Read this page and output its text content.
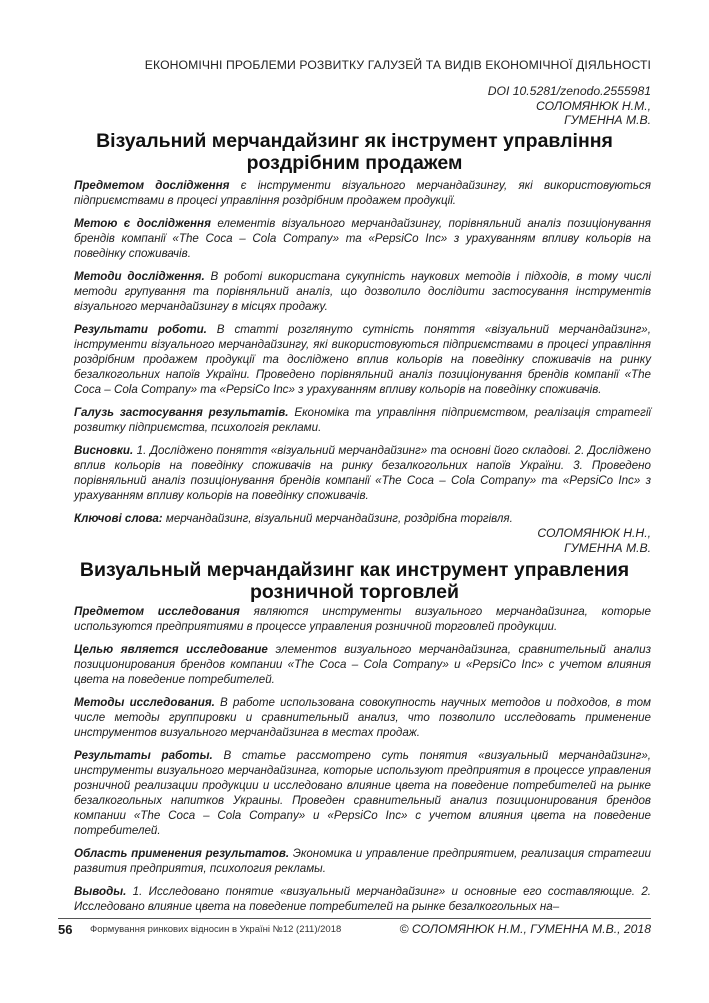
ЕКОНОМІЧНІ ПРОБЛЕМИ РОЗВИТКУ ГАЛУЗЕЙ ТА ВИДІВ ЕКОНОМІЧНОЇ ДІЯЛЬНОСТІ
DOI 10.5281/zenodo.2555981
СОЛОМЯНЮК Н.М.,
ГУМЕННА М.В.
Візуальний мерчандайзинг як інструмент управління
роздрібним продажем

Предметом дослідження є інструменти візуального мерчандайзингу, які використовуються підприємствами в процесі управління роздрібним продажем продукції.

Метою є дослідження елементів візуального мерчандайзингу, порівняльний аналіз позиціонування брендів компанії «The Coca – Cola Company» та «PepsiCo Inc» з урахуванням впливу кольорів на поведінку споживачів.

Методи дослідження. В роботі використана сукупність наукових методів і підходів, в тому числі методи групування та порівняльний аналіз, що дозволило дослідити застосування інструментів візуального мерчандайзингу в місцях продажу.

Результати роботи. В статті розглянуто сутність поняття «візуальний мерчандайзинг», інструменти візуального мерчандайзингу, які використовуються підприємствами в процесі управління роздрібним продажем продукції та досліджено вплив кольорів на поведінку споживачів на ринку безалкогольних напоїв України. Проведено порівняльний аналіз позиціонування брендів компанії «The Coca – Cola Company» та «PepsiCo Inc» з урахуванням впливу кольорів на поведінку споживачів.

Галузь застосування результатів. Економіка та управління підприємством, реалізація стратегії розвитку підприємства, психологія реклами.

Висновки. 1. Досліджено поняття «візуальний мерчандайзинг» та основні його складові. 2. Досліджено вплив кольорів на поведінку споживачів на ринку безалкогольних напоїв України. 3. Проведено порівняльний аналіз позиціонування брендів компанії «The Coca – Cola Company» та «PepsiCo Inc» з урахуванням впливу кольорів на поведінку споживачів.

Ключові слова: мерчандайзинг, візуальний мерчандайзинг, роздрібна торгівля.

СОЛОМЯНЮК Н.Н.,
ГУМЕННА М.В.
Визуальный мерчандайзинг как инструмент управления
розничной торговлей

Предметом исследования являются инструменты визуального мерчандайзинга, которые используются предприятиями в процессе управления розничной торговлей продукции.

Целью является исследование элементов визуального мерчандайзинга, сравнительный анализ позиционирования брендов компании «The Coca – Cola Company» и «PepsiCo Inc» с учетом влияния цвета на поведение потребителей.

Методы исследования. В работе использована совокупность научных методов и подходов, в том числе методы группировки и сравнительный анализ, что позволило исследовать применение инструментов визуального мерчандайзинга в местах продаж.

Результаты работы. В статье рассмотрено суть понятия «визуальный мерчандайзинг», инструменты визуального мерчандайзинга, которые используют предприятия в процессе управления розничной реализации продукции и исследовано влияние цвета на поведение потребителей на рынке безалкогольных напитков Украины. Проведен сравнительный анализ позиционирования брендов компании «The Coca – Cola Company» и «PepsiCo Inc» с учетом влияния цвета на поведение потребителей.

Область применения результатов. Экономика и управление предприятием, реализация стратегии развития предприятия, психология рекламы.

Выводы. 1. Исследовано понятие «визуальный мерчандайзинг» и основные его составляющие. 2. Исследовано влияние цвета на поведение потребителей на рынке безалкогольных на–

56 Формування ринкових відносин в Україні №12 (211)/2018	© СОЛОМЯНЮК Н.М., ГУМЕННА М.В., 2018
